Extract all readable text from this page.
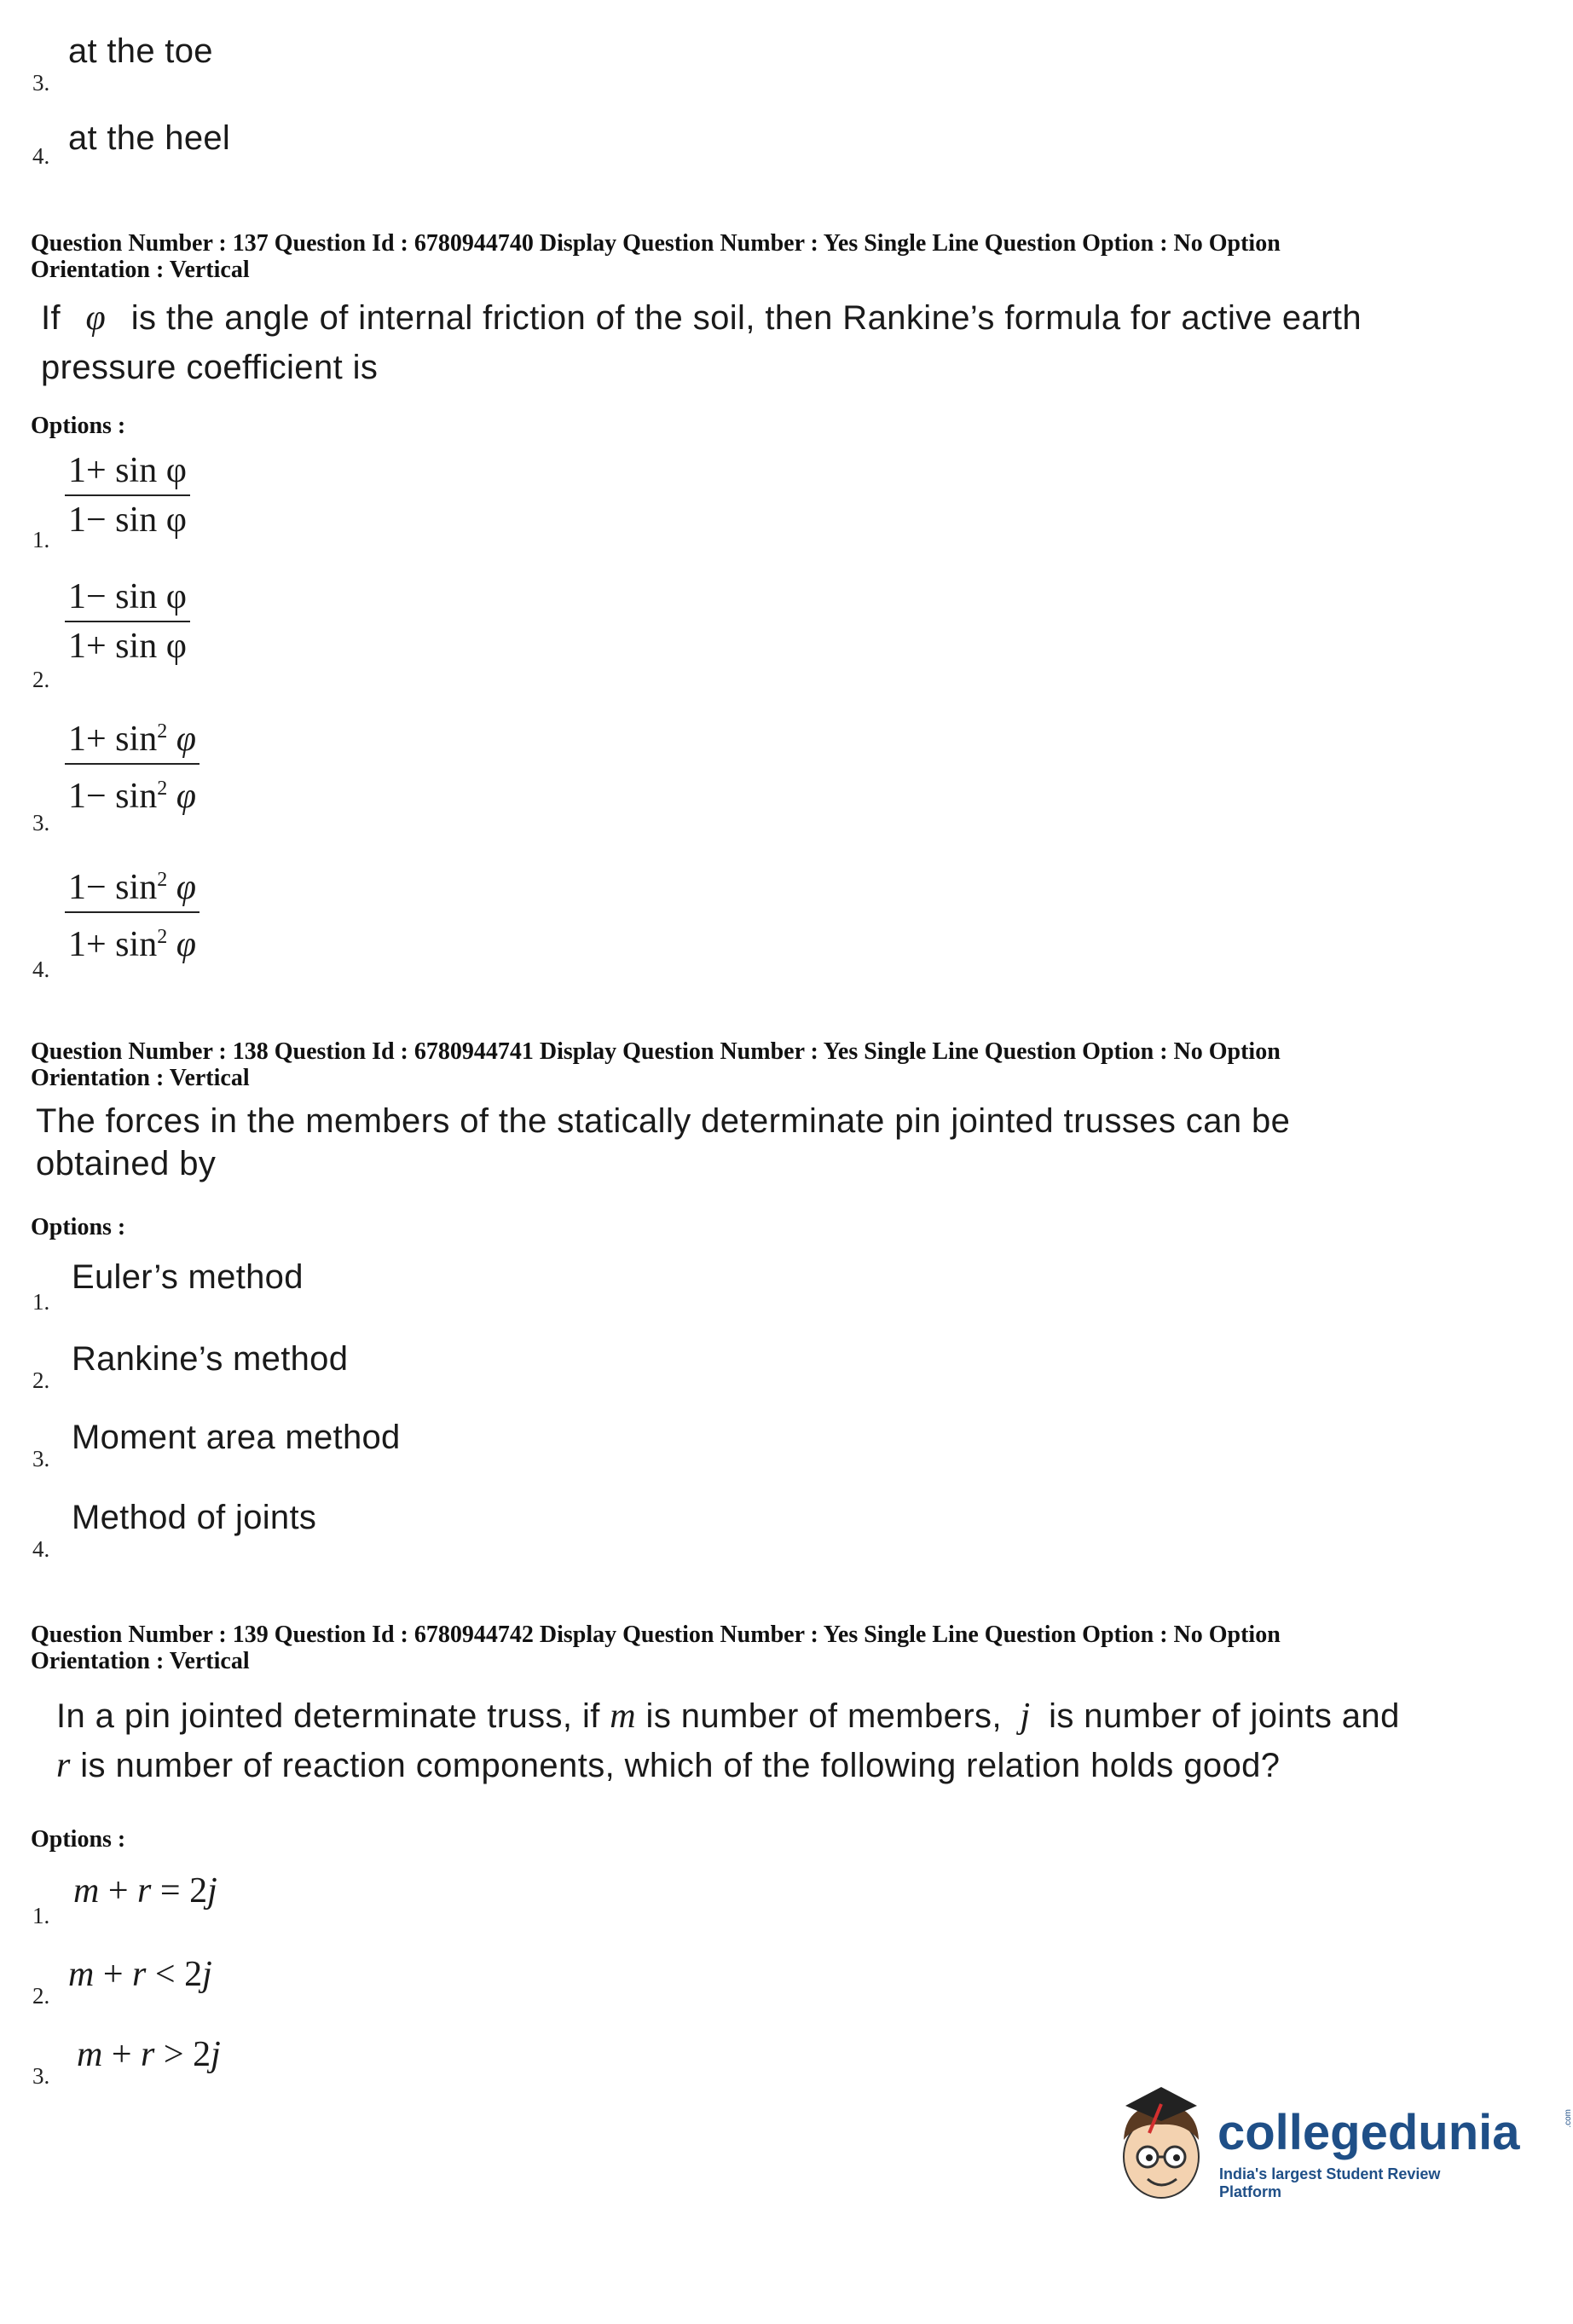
3.
at the toe
4. at the heel
Question Number : 137 Question Id : 6780944740 Display Question Number : Yes Single Line Question Option : No Option
Orientation : Vertical
If φ is the angle of internal friction of the soil, then Rankine’s formula for active earth
pressure coefficient is
Options :
1. $\frac{\text{1+ sin φ}}{\text{1− sin φ}}$
2.
$\frac{\text{1− sin φ}}{\text{1+ sin φ}}$
3.
$\frac{1+ \sin^2 \varphi}{1- \sin^2 \varphi}$
4.
$\frac{1- \sin^2 \varphi}{1+ \sin^2 \varphi}$
Question Number : 138 Question Id : 6780944741 Display Question Number : Yes Single Line Question Option : No Option
Orientation : Vertical
The forces in the members of the statically determinate pin jointed trusses can be
obtained by
Options :
1.
Euler’s method
2.
Rankine’s method
3.
Moment area method
4.
Method of joints
Question Number : 139 Question Id : 6780944742 Display Question Number : Yes Single Line Question Option : No Option
Orientation : Vertical
In a pin jointed determinate truss, if m is number of members, j is number of joints and
r is number of reaction components, which of the following relation holds good?
Options :
1.
m + r = 2j
2.
m + r < 2j
3.
m + r > 2j
collegedunia	.com
India's largest Student Review Platform
